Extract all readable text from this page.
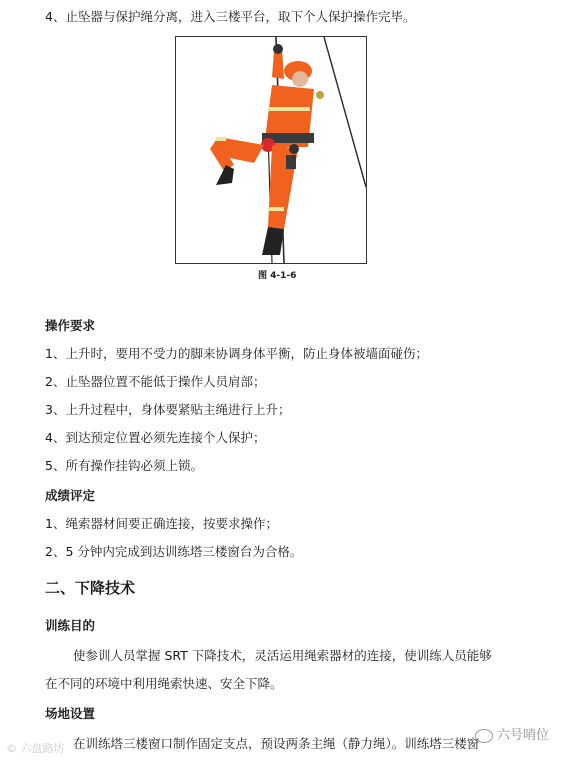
4、止坠器与保护绳分离，进入三楼平台，取下个人保护操作完毕。
图 4-1-6
操作要求
1、上升时，要用不受力的脚来协调身体平衡，防止身体被墙面碰伤；
2、止坠器位置不能低于操作人员肩部；
3、上升过程中，身体要紧贴主绳进行上升；
4、到达预定位置必须先连接个人保护；
5、所有操作挂钩必须上锁。
成绩评定
1、绳索器材间要正确连接，按要求操作；
2、5 分钟内完成到达训练塔三楼窗台为合格。
二、下降技术
训练目的
使参训人员掌握 SRT 下降技术，灵活运用绳索器材的连接，使训练人员能够
在不同的环境中利用绳索快速、安全下降。
场地设置
在训练塔三楼窗口制作固定支点，预设两条主绳（静力绳）。训练塔三楼窗
© 六盘路坊
六号哨位
